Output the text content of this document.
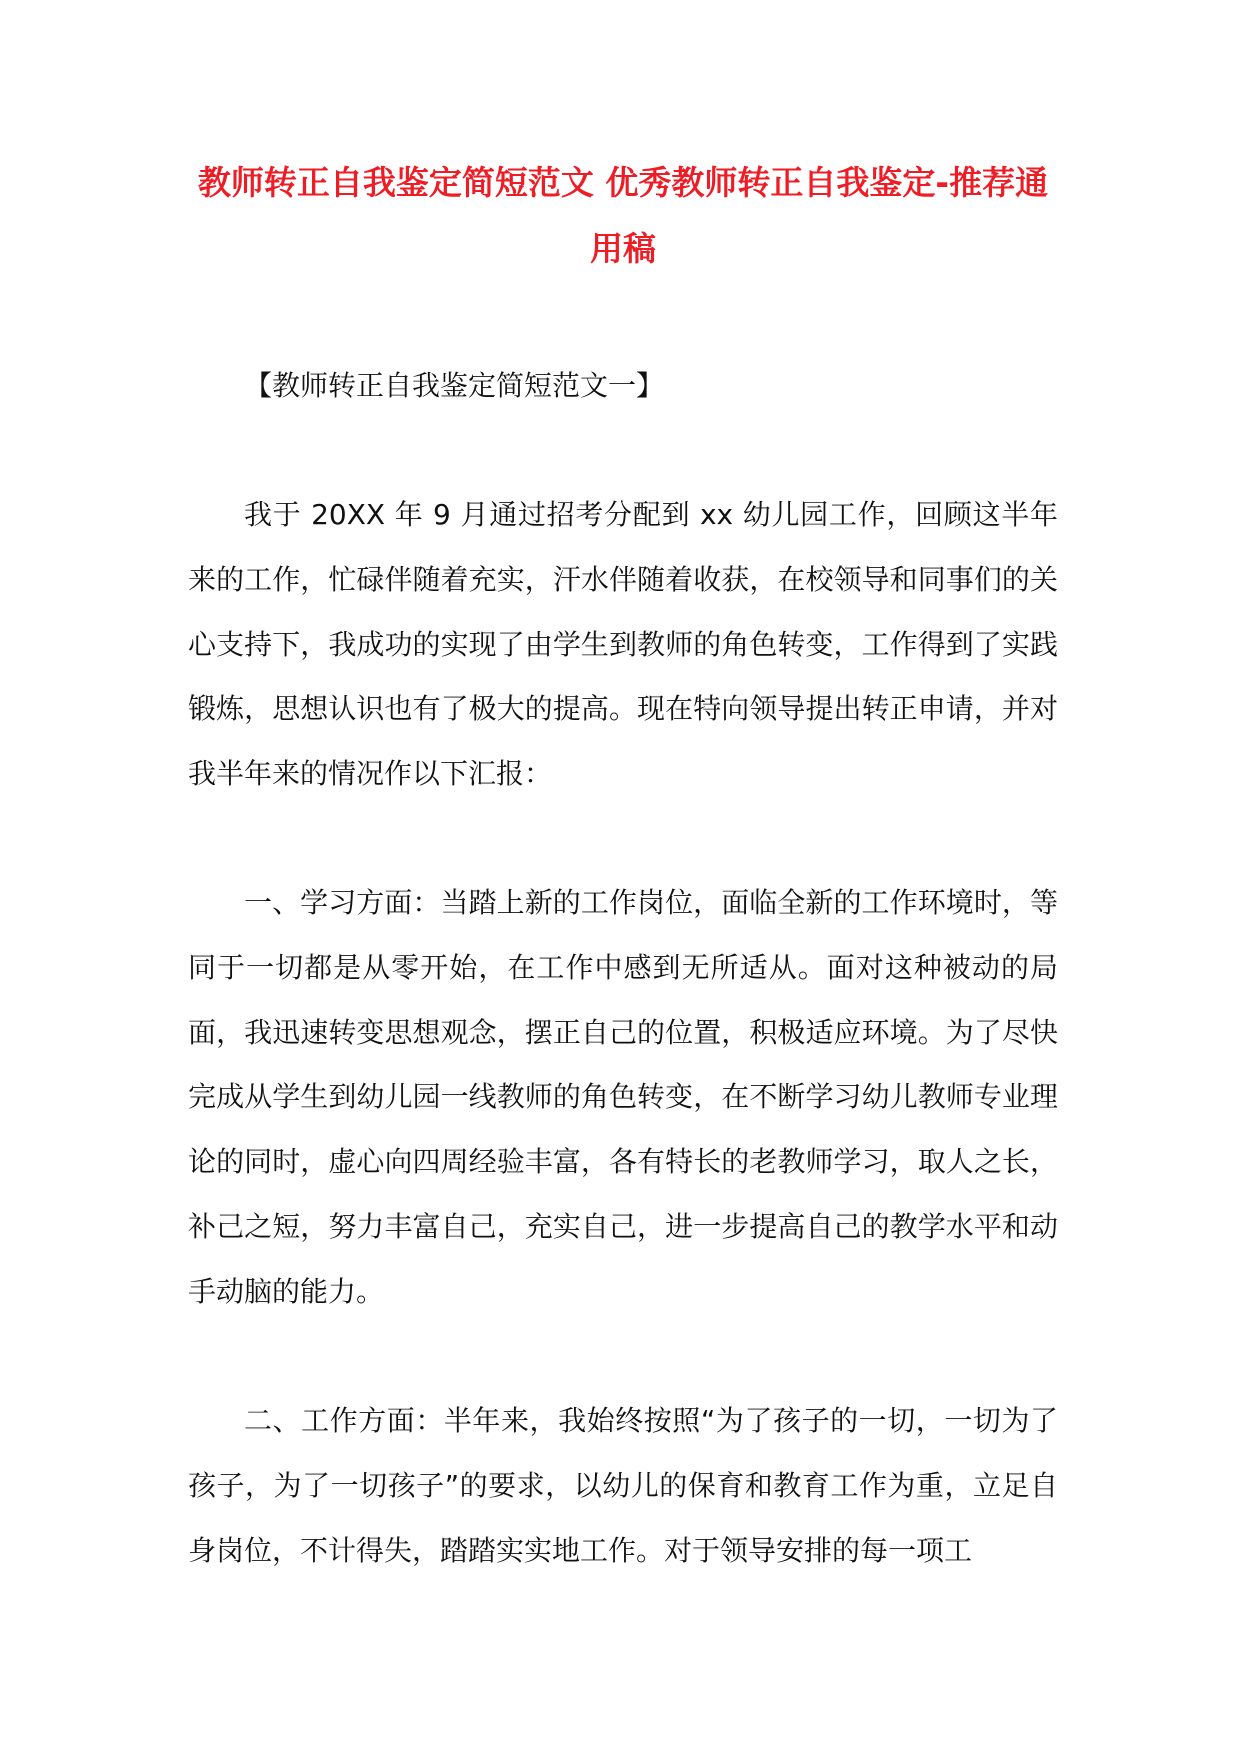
教师转正自我鉴定简短范文 优秀教师转正自我鉴定-推荐通用稿

【教师转正自我鉴定简短范文一】

我于 20XX 年 9 月通过招考分配到 xx 幼儿园工作，回顾这半年来的工作，忙碌伴随着充实，汗水伴随着收获，在校领导和同事们的关心支持下，我成功的实现了由学生到教师的角色转变，工作得到了实践锻炼，思想认识也有了极大的提高。现在特向领导提出转正申请，并对我半年来的情况作以下汇报：

一、学习方面：当踏上新的工作岗位，面临全新的工作环境时，等同于一切都是从零开始，在工作中感到无所适从。面对这种被动的局面，我迅速转变思想观念，摆正自己的位置，积极适应环境。为了尽快完成从学生到幼儿园一线教师的角色转变，在不断学习幼儿教师专业理论的同时，虚心向四周经验丰富，各有特长的老教师学习，取人之长，补己之短，努力丰富自己，充实自己，进一步提高自己的教学水平和动手动脑的能力。

二、工作方面：半年来，我始终按照“为了孩子的一切，一切为了孩子，为了一切孩子”的要求，以幼儿的保育和教育工作为重，立足自身岗位，不计得失，踏踏实实地工作。对于领导安排的每一项工
